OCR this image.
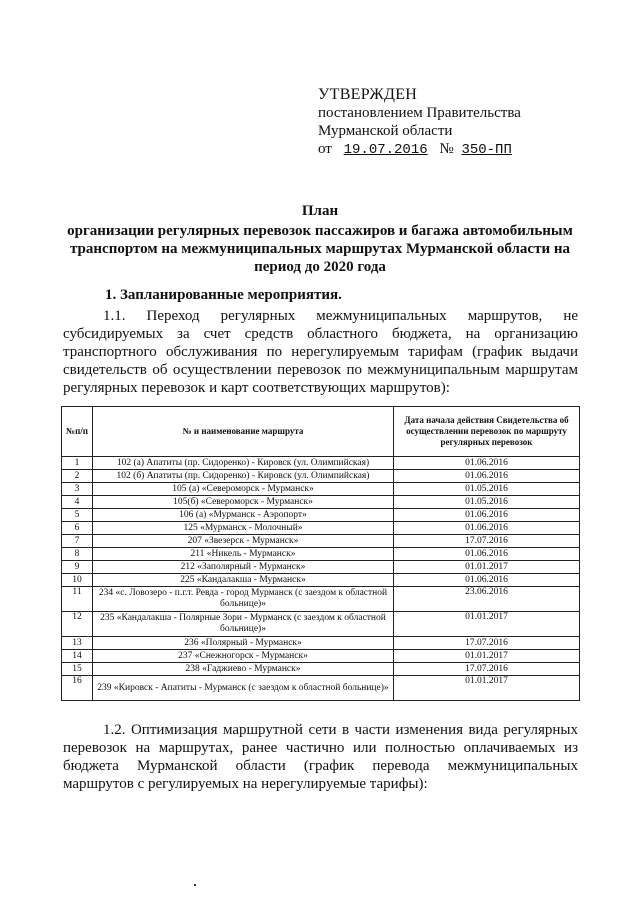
УТВЕРЖДЕН
постановлением Правительства
Мурманской области
от 19.07.2016 № 350-ПП
План
организации регулярных перевозок пассажиров и багажа автомобильным
транспортом на межмуниципальных маршрутах Мурманской области на
период до 2020 года
1. Запланированные мероприятия.
1.1. Переход регулярных межмуниципальных маршрутов, не
субсидируемых за счет средств областного бюджета, на организацию
транспортного обслуживания по нерегулируемым тарифам (график выдачи
свидетельств об осуществлении перевозок по межмуниципальным маршрутам
регулярных перевозок и карт соответствующих маршрутов):
№п/п	№ и наименование маршрута	Дата начала действия Свидетельства об осуществлении перевозок по маршруту регулярных перевозок
1	102 (а) Апатиты (пр. Сидоренко) - Кировск (ул. Олимпийская)	01.06.2016
2	102 (б) Апатиты (пр. Сидоренко) - Кировск (ул. Олимпийская)	01.06.2016
3	105 (а) «Североморск - Мурманск»	01.05.2016
4	105(б) «Североморск - Мурманск»	01.05.2016
5	106 (а) «Мурманск - Аэропорт»	01.06.2016
6	125 «Мурманск - Молочный»	01.06.2016
7	207 «Звезерск - Мурманск»	17.07.2016
8	211 «Никель - Мурманск»	01.06.2016
9	212 «Заполярный - Мурманск»	01.01.2017
10	225 «Кандалакша - Мурманск»	01.06.2016
11	234 «с. Ловозеро - п.г.т. Ревда - город Мурманск (с заездом к областной больнице)»	23.06.2016
12	235 «Кандалакша - Полярные Зори - Мурманск (с заездом к областной больнице)»	01.01.2017
13	236 «Полярный - Мурманск»	17.07.2016
14	237 «Снежногорск - Мурманск»	01.01.2017
15	238 «Гаджиево - Мурманск»	17.07.2016
16	239 «Кировск - Апатиты - Мурманск (с заездом к областной больнице)»	01.01.2017
1.2. Оптимизация маршрутной сети в части изменения вида регулярных
перевозок на маршрутах, ранее частично или полностью оплачиваемых из
бюджета Мурманской области (график перевода межмуниципальных
маршрутов с регулируемых на нерегулируемые тарифы):
